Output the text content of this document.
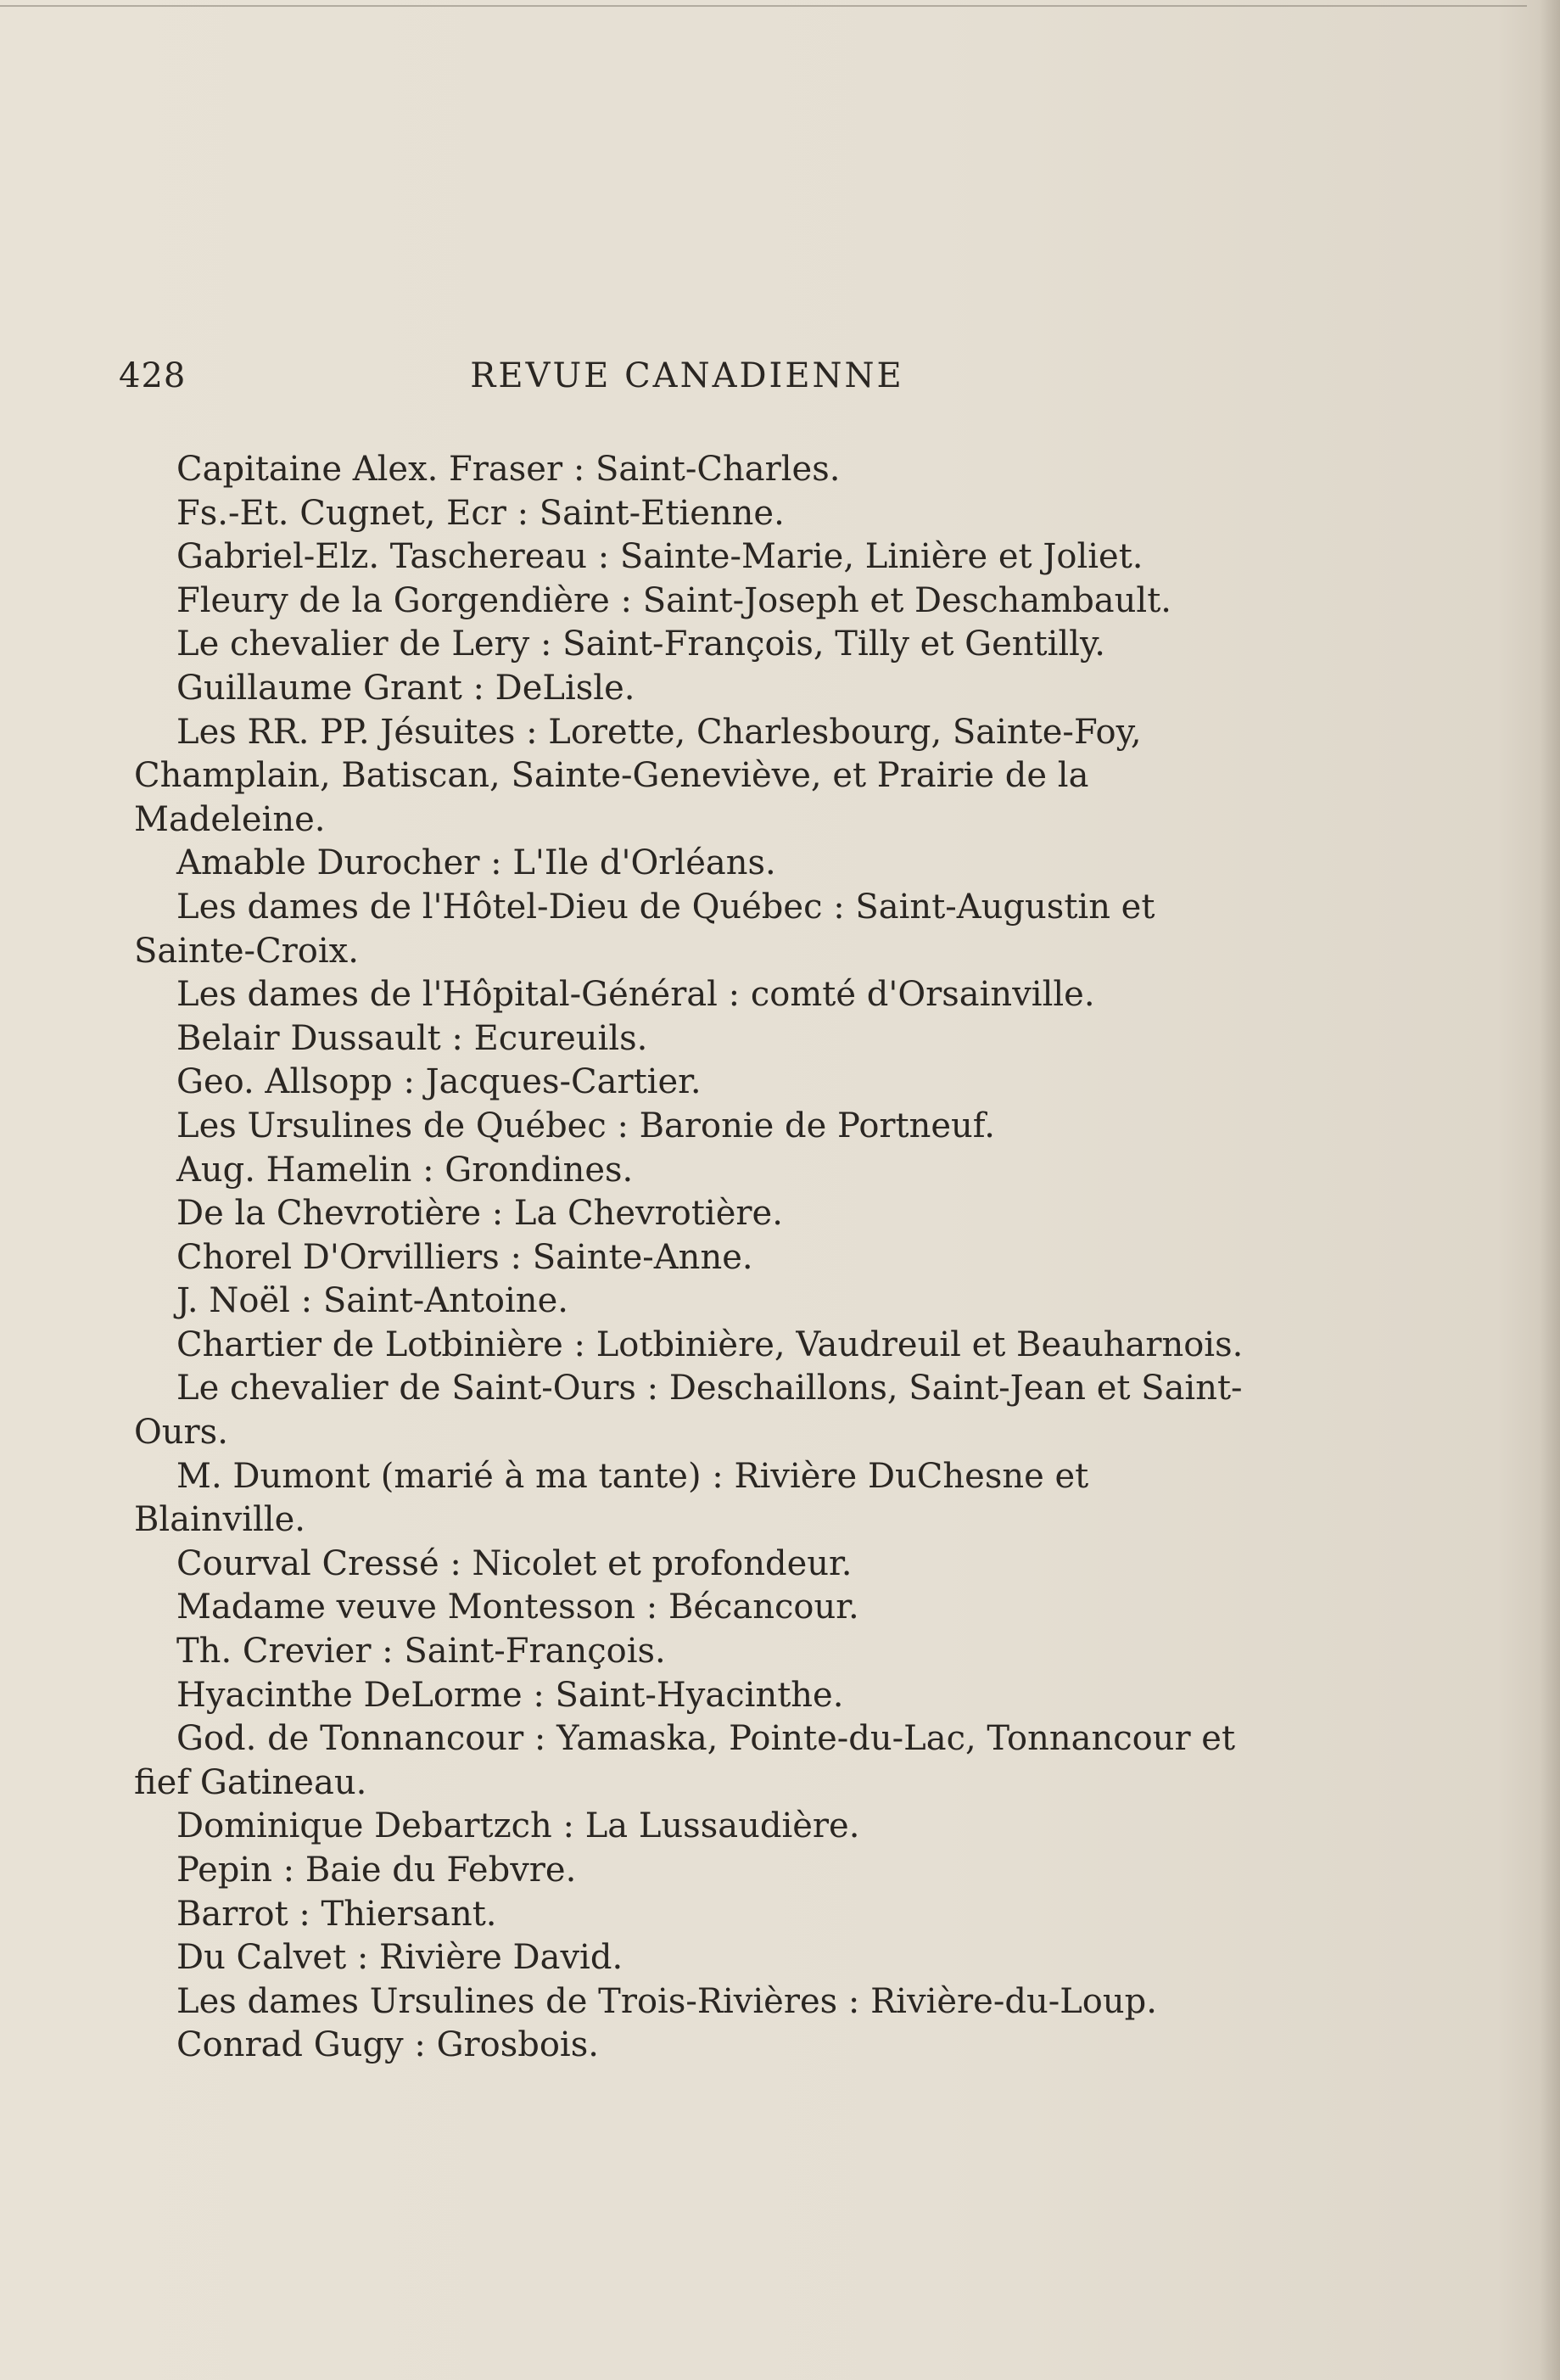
428	REVUE CANADIENNE

Capitaine Alex. Fraser : Saint-Charles.

Fs.-Et. Cugnet, Ecr : Saint-Etienne.

Gabriel-Elz. Taschereau : Sainte-Marie, Linière et Joliet.

Fleury de la Gorgendière : Saint-Joseph et Deschambault.

Le chevalier de Lery : Saint-François, Tilly et Gentilly.

Guillaume Grant : DeLisle.

Les RR. PP. Jésuites : Lorette, Charlesbourg, Sainte-Foy, Champlain, Batiscan, Sainte-Geneviève, et Prairie de la Madeleine.

Amable Durocher : L'Ile d'Orléans.

Les dames de l'Hôtel-Dieu de Québec : Saint-Augustin et Sainte-Croix.

Les dames de l'Hôpital-Général : comté d'Orsainville.

Belair Dussault : Ecureuils.

Geo. Allsopp : Jacques-Cartier.

Les Ursulines de Québec : Baronie de Portneuf.

Aug. Hamelin : Grondines.

De la Chevrotière : La Chevrotière.

Chorel D'Orvilliers : Sainte-Anne.

J. Noël : Saint-Antoine.

Chartier de Lotbinière : Lotbinière, Vaudreuil et Beauharnois.

Le chevalier de Saint-Ours : Deschaillons, Saint-Jean et Saint-Ours.

M. Dumont (marié à ma tante) : Rivière DuChesne et Blainville.

Courval Cressé : Nicolet et profondeur.

Madame veuve Montesson : Bécancour.

Th. Crevier : Saint-François.

Hyacinthe DeLorme : Saint-Hyacinthe.

God. de Tonnancour : Yamaska, Pointe-du-Lac, Tonnancour et fief Gatineau.

Dominique Debartzch : La Lussaudière.

Pepin : Baie du Febvre.

Barrot : Thiersant.

Du Calvet : Rivière David.

Les dames Ursulines de Trois-Rivières : Rivière-du-Loup.

Conrad Gugy : Grosbois.
